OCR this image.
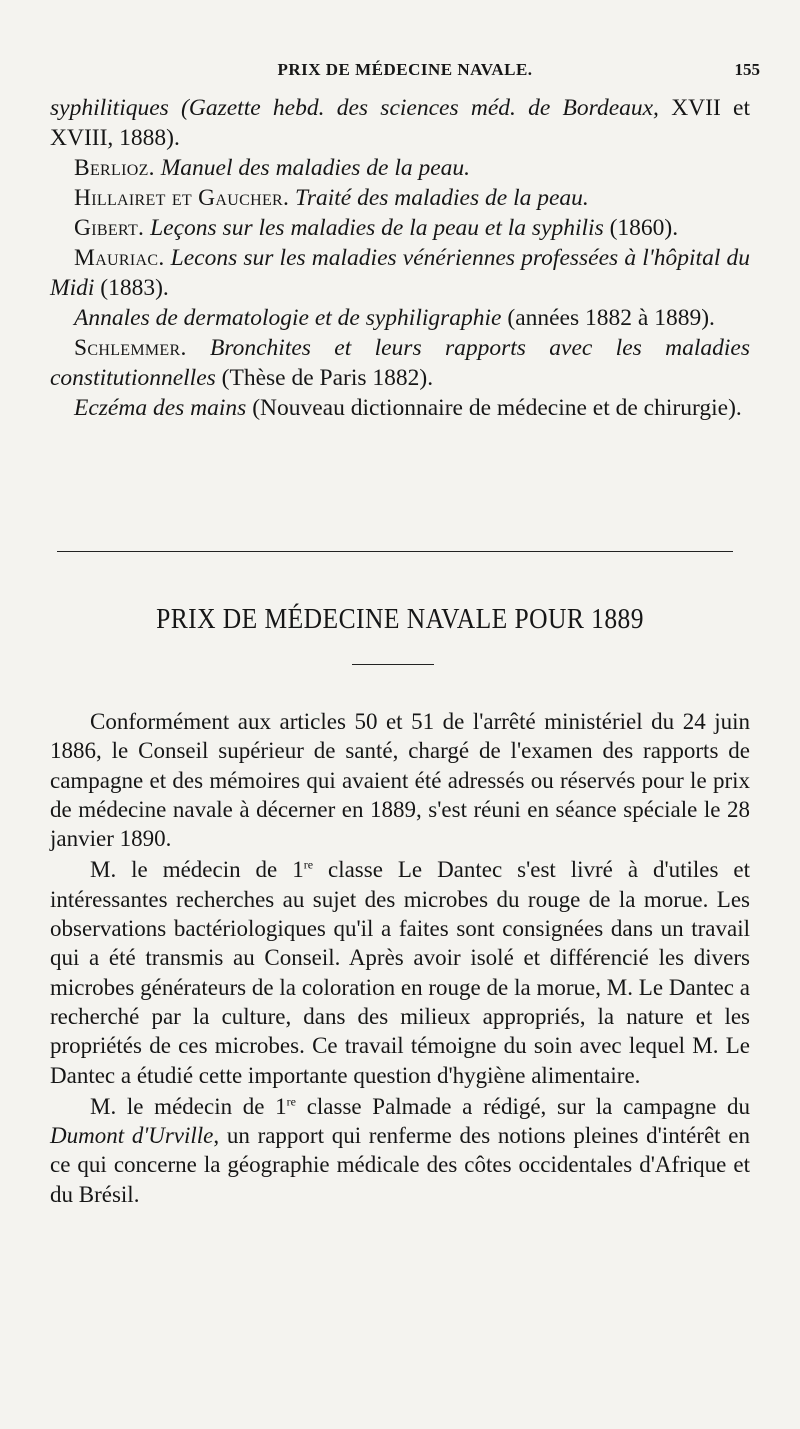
PRIX DE MÉDECINE NAVALE.	155

syphilitiques (Gazette hebd. des sciences méd. de Bordeaux, XVII et XVIII, 1888).

Berlioz. Manuel des maladies de la peau.

Hillairet et Gaucher. Traité des maladies de la peau.

Gibert. Leçons sur les maladies de la peau et la syphilis (1860).

Mauriac. Lecons sur les maladies vénériennes professées à l'hôpital du Midi (1883).

Annales de dermatologie et de syphiligraphie (années 1882 à 1889).

Schlemmer. Bronchites et leurs rapports avec les maladies constitutionnelles (Thèse de Paris 1882).

Eczéma des mains (Nouveau dictionnaire de médecine et de chirurgie).

PRIX DE MÉDECINE NAVALE POUR 1889

Conformément aux articles 50 et 51 de l'arrêté ministériel du 24 juin 1886, le Conseil supérieur de santé, chargé de l'examen des rapports de campagne et des mémoires qui avaient été adressés ou réservés pour le prix de médecine navale à décerner en 1889, s'est réuni en séance spéciale le 28 janvier 1890.

M. le médecin de 1re classe Le Dantec s'est livré à d'utiles et intéressantes recherches au sujet des microbes du rouge de la morue. Les observations bactériologiques qu'il a faites sont consignées dans un travail qui a été transmis au Conseil. Après avoir isolé et différencié les divers microbes générateurs de la coloration en rouge de la morue, M. Le Dantec a recherché par la culture, dans des milieux appropriés, la nature et les propriétés de ces microbes. Ce travail témoigne du soin avec lequel M. Le Dantec a étudié cette importante question d'hygiène alimentaire.

M. le médecin de 1re classe Palmade a rédigé, sur la campagne du Dumont d'Urville, un rapport qui renferme des notions pleines d'intérêt en ce qui concerne la géographie médicale des côtes occidentales d'Afrique et du Brésil.
